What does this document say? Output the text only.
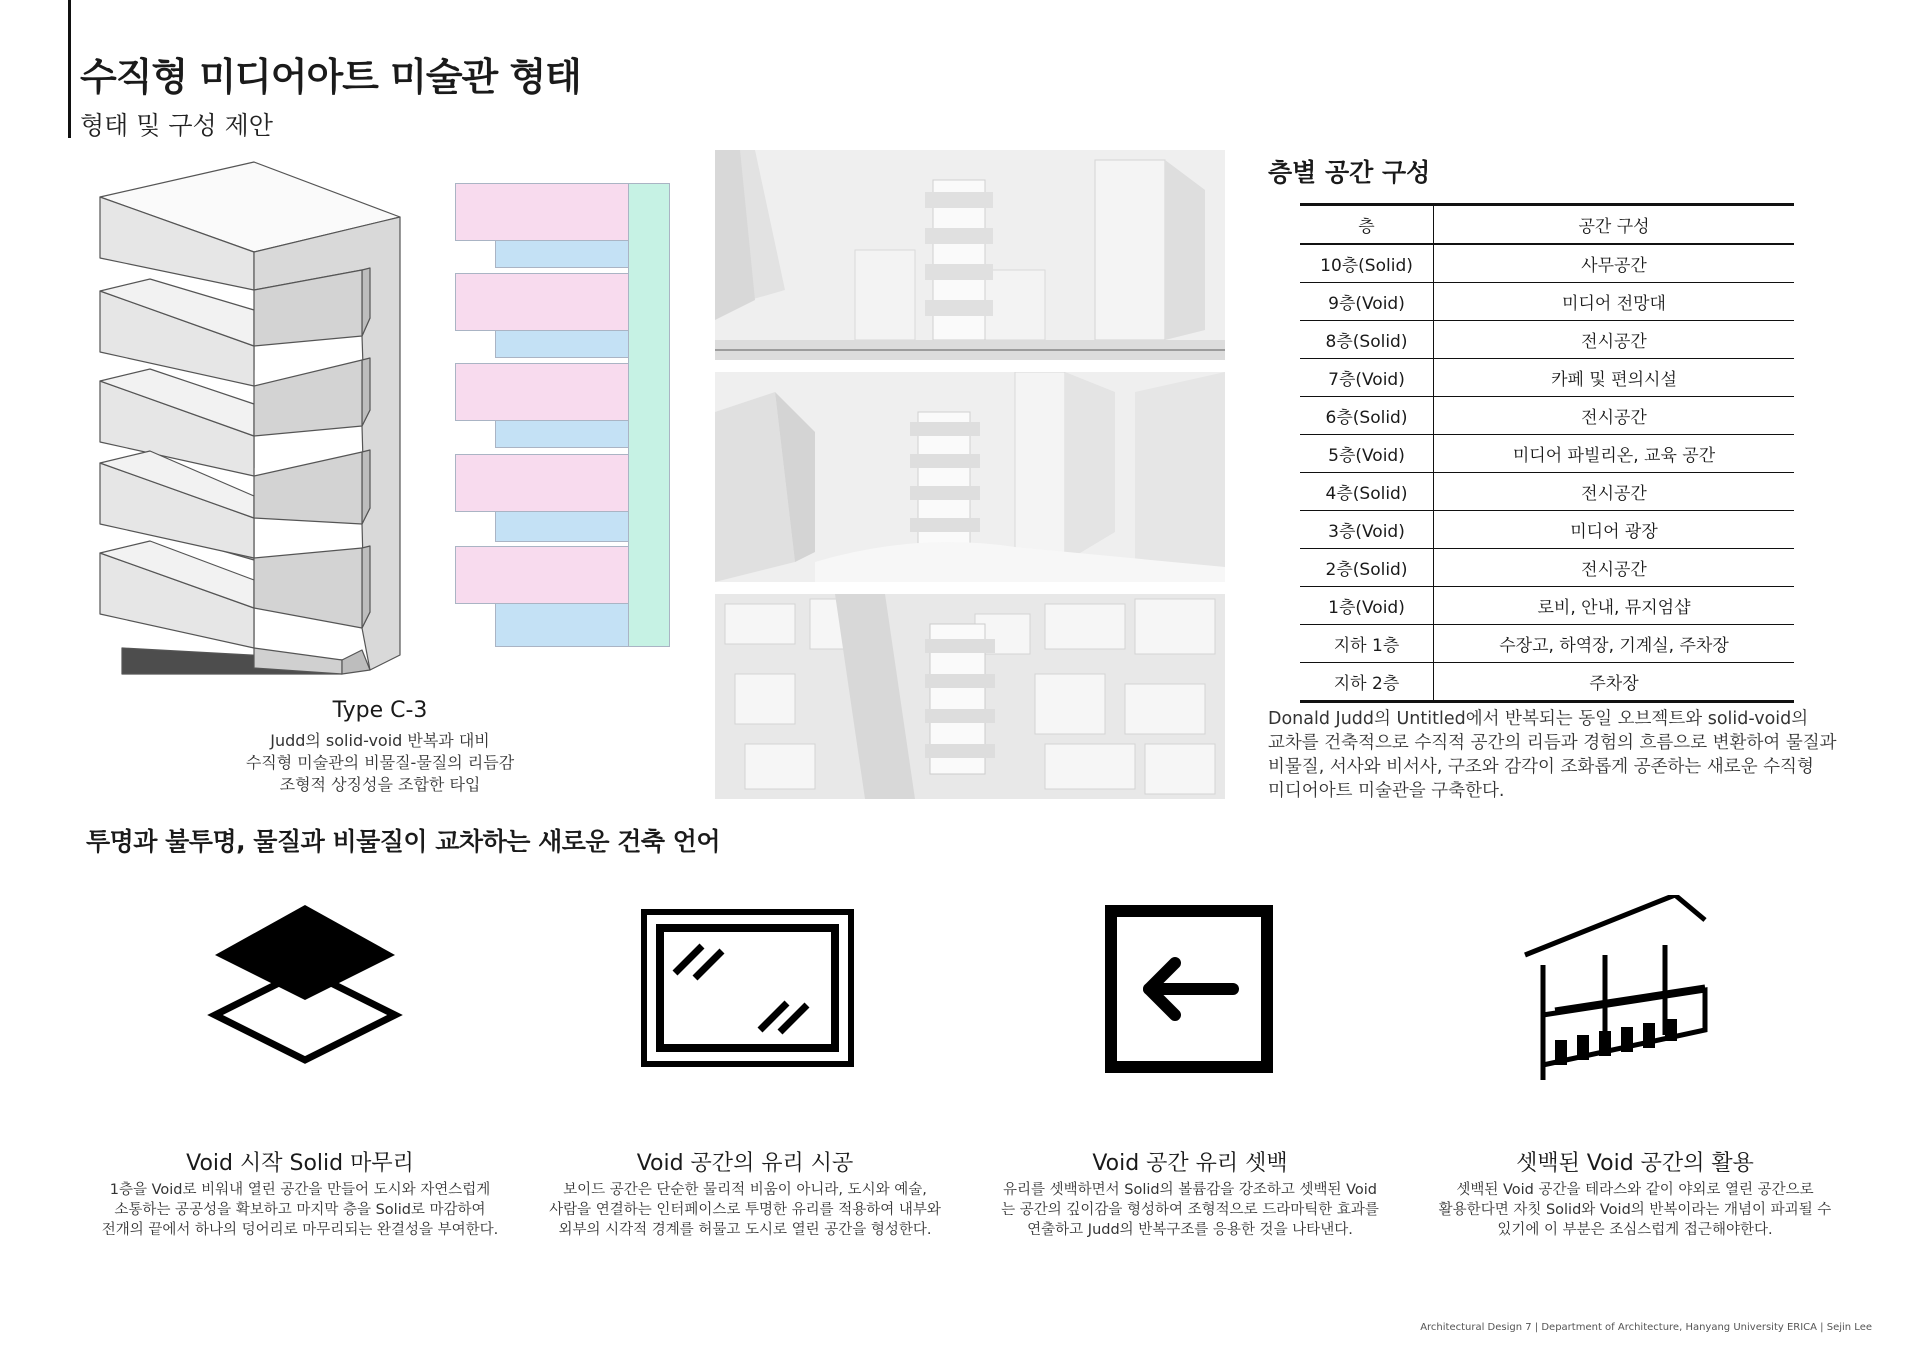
수직형 미디어아트 미술관 형태
형태 및 구성 제안
Type C-3
Judd의 solid-void 반복과 대비
수직형 미술관의 비물질-물질의 리듬감
조형적 상징성을 조합한 타입
층별 공간 구성
층	공간 구성
10층(Solid)	사무공간
9층(Void)	미디어 전망대
8층(Solid)	전시공간
7층(Void)	카페 및 편의시설
6층(Solid)	전시공간
5층(Void)	미디어 파빌리온, 교육 공간
4층(Solid)	전시공간
3층(Void)	미디어 광장
2층(Solid)	전시공간
1층(Void)	로비, 안내, 뮤지엄샵
지하 1층	수장고, 하역장, 기계실, 주차장
지하 2층	주차장
Donald Judd의 Untitled에서 반복되는 동일 오브젝트와 solid-void의
교차를 건축적으로 수직적 공간의 리듬과 경험의 흐름으로 변환하여 물질과
비물질, 서사와 비서사, 구조와 감각이 조화롭게 공존하는 새로운 수직형
미디어아트 미술관을 구축한다.
투명과 불투명, 물질과 비물질이 교차하는 새로운 건축 언어
Void 시작 Solid 마무리
1층을 Void로 비워내 열린 공간을 만들어 도시와 자연스럽게
소통하는 공공성을 확보하고 마지막 층을 Solid로 마감하여
전개의 끝에서 하나의 덩어리로 마무리되는 완결성을 부여한다.
Void 공간의 유리 시공
보이드 공간은 단순한 물리적 비움이 아니라, 도시와 예술,
사람을 연결하는 인터페이스로 투명한 유리를 적용하여 내부와
외부의 시각적 경계를 허물고 도시로 열린 공간을 형성한다.
Void 공간 유리 셋백
유리를 셋백하면서 Solid의 볼륨감을 강조하고 셋백된 Void
는 공간의 깊이감을 형성하여 조형적으로 드라마틱한 효과를
연출하고 Judd의 반복구조를 응용한 것을 나타낸다.
셋백된 Void 공간의 활용
셋백된 Void 공간을 테라스와 같이 야외로 열린 공간으로
활용한다면 자칫 Solid와 Void의 반복이라는 개념이 파괴될 수
있기에 이 부분은 조심스럽게 접근해야한다.
Architectural Design 7 | Department of Architecture, Hanyang University ERICA | Sejin Lee
